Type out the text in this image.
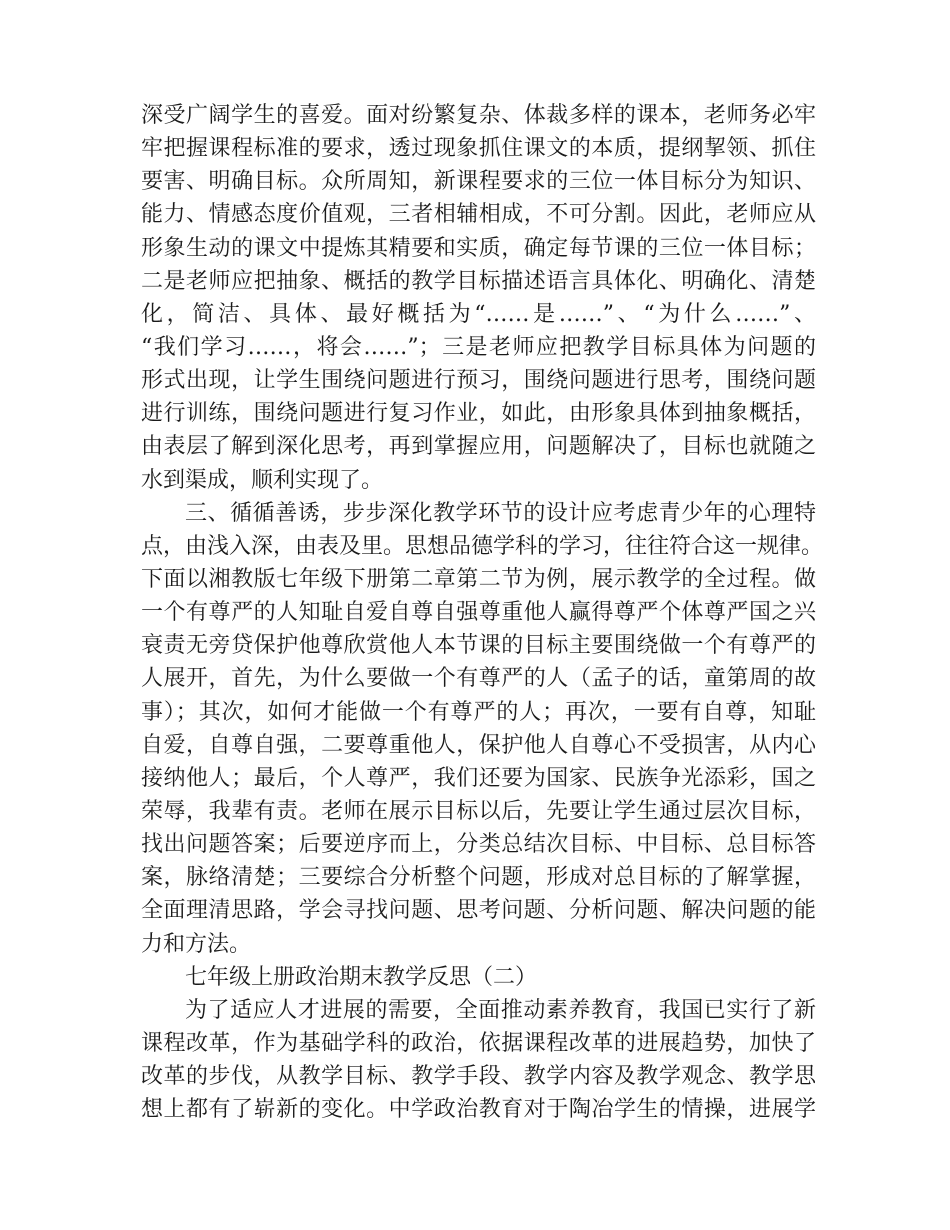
深受广阔学生的喜爱。面对纷繁复杂、体裁多样的课本，老师务必牢
牢把握课程标准的要求，透过现象抓住课文的本质，提纲挈领、抓住
要害、明确目标。众所周知，新课程要求的三位一体目标分为知识、
能力、情感态度价值观，三者相辅相成，不可分割。因此，老师应从
形象生动的课文中提炼其精要和实质，确定每节课的三位一体目标；
二是老师应把抽象、概括的教学目标描述语言具体化、明确化、清楚
化，简洁、具体、最好概括为“……是……”、“为什么……”、
“我们学习……，将会……”；三是老师应把教学目标具体为问题的
形式出现，让学生围绕问题进行预习，围绕问题进行思考，围绕问题
进行训练，围绕问题进行复习作业，如此，由形象具体到抽象概括，
由表层了解到深化思考，再到掌握应用，问题解决了，目标也就随之
水到渠成，顺利实现了。
三、循循善诱，步步深化教学环节的设计应考虑青少年的心理特
点，由浅入深，由表及里。思想品德学科的学习，往往符合这一规律。
下面以湘教版七年级下册第二章第二节为例，展示教学的全过程。做
一个有尊严的人知耻自爱自尊自强尊重他人赢得尊严个体尊严国之兴
衰责无旁贷保护他尊欣赏他人本节课的目标主要围绕做一个有尊严的
人展开，首先，为什么要做一个有尊严的人（孟子的话，童第周的故
事）；其次，如何才能做一个有尊严的人；再次，一要有自尊，知耻
自爱，自尊自强，二要尊重他人，保护他人自尊心不受损害，从内心
接纳他人；最后，个人尊严，我们还要为国家、民族争光添彩，国之
荣辱，我辈有责。老师在展示目标以后，先要让学生通过层次目标，
找出问题答案；后要逆序而上，分类总结次目标、中目标、总目标答
案，脉络清楚；三要综合分析整个问题，形成对总目标的了解掌握，
全面理清思路，学会寻找问题、思考问题、分析问题、解决问题的能
力和方法。
七年级上册政治期末教学反思（二）
为了适应人才进展的需要，全面推动素养教育，我国已实行了新
课程改革，作为基础学科的政治，依据课程改革的进展趋势，加快了
改革的步伐，从教学目标、教学手段、教学内容及教学观念、教学思
想上都有了崭新的变化。中学政治教育对于陶冶学生的情操，进展学
